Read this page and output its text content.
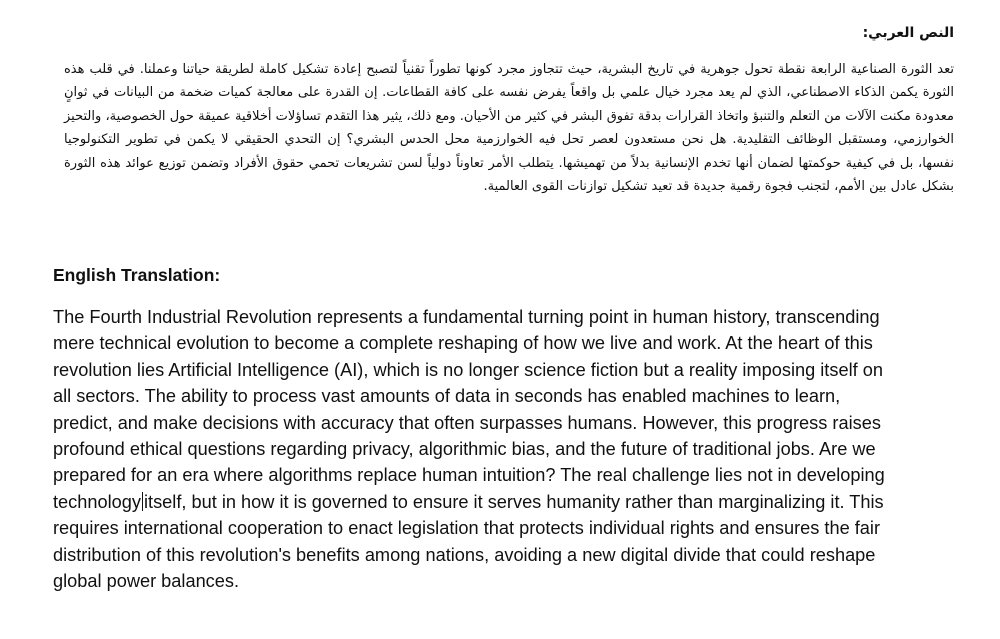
النص العربي:

تعد الثورة الصناعية الرابعة نقطة تحول جوهرية في تاريخ البشرية، حيث تتجاوز مجرد كونها تطوراً تقنياً لتصبح إعادة تشكيل كاملة لطريقة حياتنا وعملنا. في قلب هذه الثورة يكمن الذكاء الاصطناعي، الذي لم يعد مجرد خيال علمي بل واقعاً يفرض نفسه على كافة القطاعات. إن القدرة على معالجة كميات ضخمة من البيانات في ثوانٍ معدودة مكنت الآلات من التعلم والتنبؤ واتخاذ القرارات بدقة تفوق البشر في كثير من الأحيان. ومع ذلك، يثير هذا التقدم تساؤلات أخلاقية عميقة حول الخصوصية، والتحيز الخوارزمي، ومستقبل الوظائف التقليدية. هل نحن مستعدون لعصر تحل فيه الخوارزمية محل الحدس البشري؟ إن التحدي الحقيقي لا يكمن في تطوير التكنولوجيا نفسها، بل في كيفية حوكمتها لضمان أنها تخدم الإنسانية بدلاً من تهميشها. يتطلب الأمر تعاوناً دولياً لسن تشريعات تحمي حقوق الأفراد وتضمن توزيع عوائد هذه الثورة بشكل عادل بين الأمم، لتجنب فجوة رقمية جديدة قد تعيد تشكيل توازنات القوى العالمية.

English Translation:

The Fourth Industrial Revolution represents a fundamental turning point in human history, transcending
mere technical evolution to become a complete reshaping of how we live and work. At the heart of this
revolution lies Artificial Intelligence (AI), which is no longer science fiction but a reality imposing itself on
all sectors. The ability to process vast amounts of data in seconds has enabled machines to learn,
predict, and make decisions with accuracy that often surpasses humans. However, this progress raises
profound ethical questions regarding privacy, algorithmic bias, and the future of traditional jobs. Are we
prepared for an era where algorithms replace human intuition? The real challenge lies not in developing
technology itself, but in how it is governed to ensure it serves humanity rather than marginalizing it. This
requires international cooperation to enact legislation that protects individual rights and ensures the fair
distribution of this revolution's benefits among nations, avoiding a new digital divide that could reshape
global power balances.
